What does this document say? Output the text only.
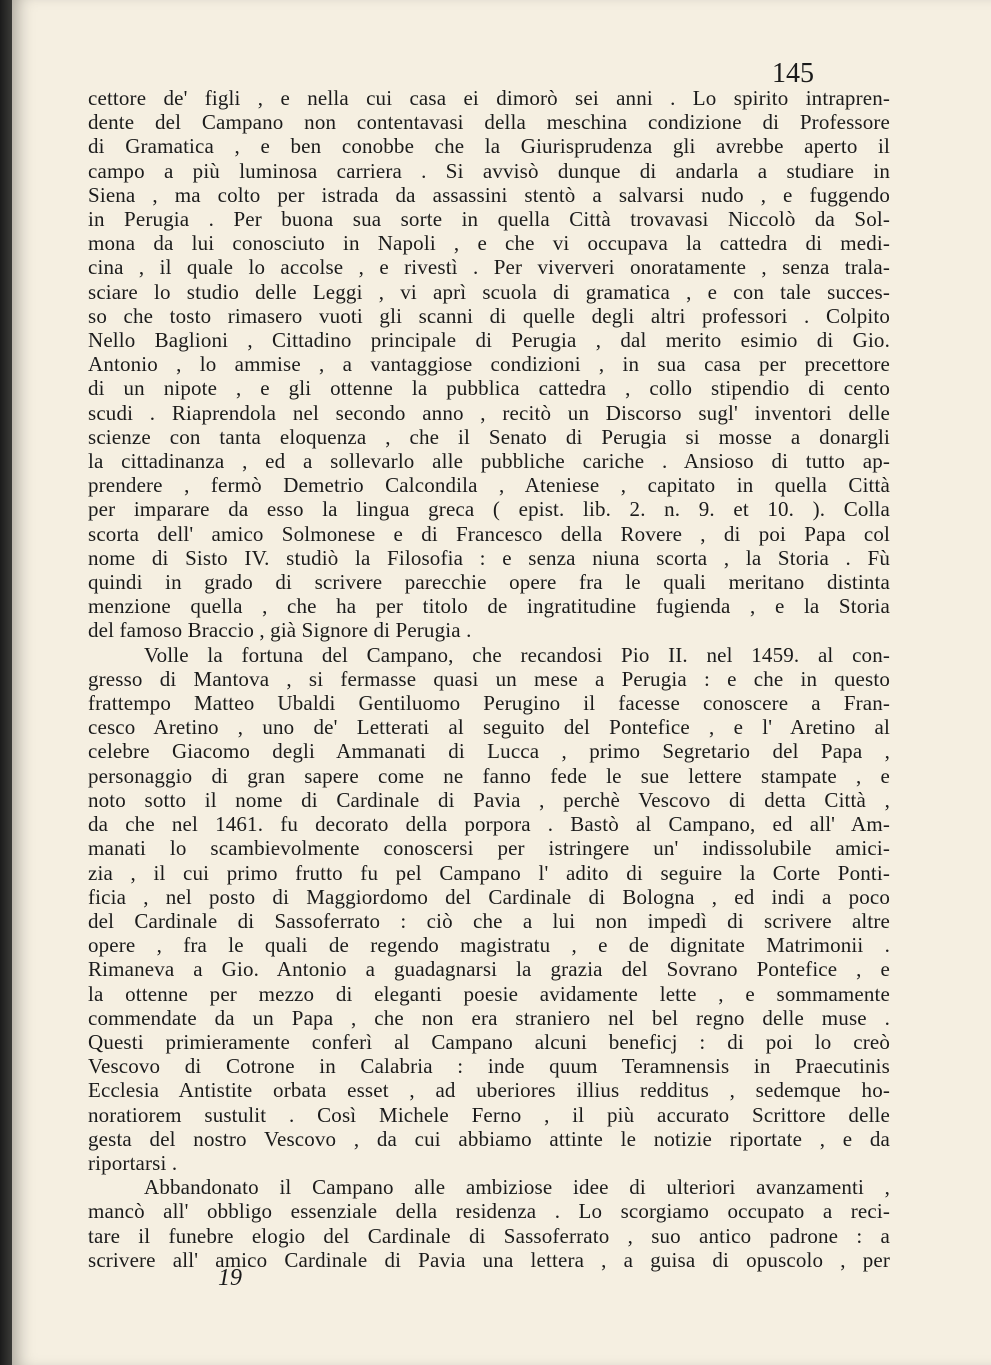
145
cettore de' figli , e nella cui casa ei dimorò sei anni . Lo spirito intrapren-
dente del Campano non contentavasi della meschina condizione di Professore
di Gramatica , e ben conobbe che la Giurisprudenza gli avrebbe aperto il
campo a più luminosa carriera . Si avvisò dunque di andarla a studiare in
Siena , ma colto per istrada da assassini stentò a salvarsi nudo , e fuggendo
in Perugia . Per buona sua sorte in quella Città trovavasi Niccolò da Sol-
mona da lui conosciuto in Napoli , e che vi occupava la cattedra di medi-
cina , il quale lo accolse , e rivestì . Per viververi onoratamente , senza trala-
sciare lo studio delle Leggi , vi aprì scuola di gramatica , e con tale succes-
so che tosto rimasero vuoti gli scanni di quelle degli altri professori . Colpito
Nello Baglioni , Cittadino principale di Perugia , dal merito esimio di Gio.
Antonio , lo ammise , a vantaggiose condizioni , in sua casa per precettore
di un nipote , e gli ottenne la pubblica cattedra , collo stipendio di cento
scudi . Riaprendola nel secondo anno , recitò un Discorso sugl' inventori delle
scienze con tanta eloquenza , che il Senato di Perugia si mosse a donargli
la cittadinanza , ed a sollevarlo alle pubbliche cariche . Ansioso di tutto ap-
prendere , fermò Demetrio Calcondila , Ateniese , capitato in quella Città
per imparare da esso la lingua greca ( epist. lib. 2. n. 9. et 10. ). Colla
scorta dell' amico Solmonese e di Francesco della Rovere , di poi Papa col
nome di Sisto IV. studiò la Filosofia : e senza niuna scorta , la Storia . Fù
quindi in grado di scrivere parecchie opere fra le quali meritano distinta
menzione quella , che ha per titolo de ingratitudine fugienda , e la Storia
del famoso Braccio , già Signore di Perugia .
Volle la fortuna del Campano, che recandosi Pio II. nel 1459. al con-
gresso di Mantova , si fermasse quasi un mese a Perugia : e che in questo
frattempo Matteo Ubaldi Gentiluomo Perugino il facesse conoscere a Fran-
cesco Aretino , uno de' Letterati al seguito del Pontefice , e l' Aretino al
celebre Giacomo degli Ammanati di Lucca , primo Segretario del Papa ,
personaggio di gran sapere come ne fanno fede le sue lettere stampate , e
noto sotto il nome di Cardinale di Pavia , perchè Vescovo di detta Città ,
da che nel 1461. fu decorato della porpora . Bastò al Campano, ed all' Am-
manati lo scambievolmente conoscersi per istringere un' indissolubile amici-
zia , il cui primo frutto fu pel Campano l' adito di seguire la Corte Ponti-
ficia , nel posto di Maggiordomo del Cardinale di Bologna , ed indi a poco
del Cardinale di Sassoferrato : ciò che a lui non impedì di scrivere altre
opere , fra le quali de regendo magistratu , e de dignitate Matrimonii .
Rimaneva a Gio. Antonio a guadagnarsi la grazia del Sovrano Pontefice , e
la ottenne per mezzo di eleganti poesie avidamente lette , e sommamente
commendate da un Papa , che non era straniero nel bel regno delle muse .
Questi primieramente conferì al Campano alcuni beneficj : di poi lo creò
Vescovo di Cotrone in Calabria : inde quum Teramnensis in Praecutinis
Ecclesia Antistite orbata esset , ad uberiores illius redditus , sedemque ho-
noratiorem sustulit . Così Michele Ferno , il più accurato Scrittore delle
gesta del nostro Vescovo , da cui abbiamo attinte le notizie riportate , e da
riportarsi .
Abbandonato il Campano alle ambiziose idee di ulteriori avanzamenti ,
mancò all' obbligo essenziale della residenza . Lo scorgiamo occupato a reci-
tare il funebre elogio del Cardinale di Sassoferrato , suo antico padrone : a
scrivere all' amico Cardinale di Pavia una lettera , a guisa di opuscolo , per
19
